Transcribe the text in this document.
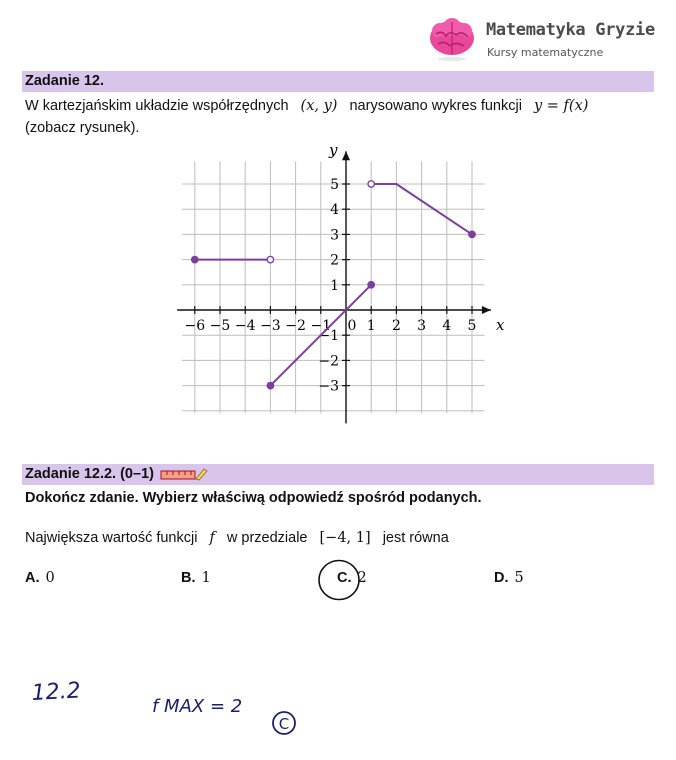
Matematyka Gryzie
Kursy matematyczne
Zadanie 12.
W kartezjańskim układzie współrzędnych (x, y) narysowano wykres funkcji y = f(x)
(zobacz rysunek).
x
y
−6 −5 −4 −3 −2 −1 0 1 2 3 4 5
5
4
3
2
1
−1
−2
−3
Zadanie 12.2. (0–1)
Dokończ zdanie. Wybierz właściwą odpowiedź spośród podanych.
Największa wartość funkcji f w przedziale [−4, 1] jest równa
A. 0	B. 1	C. 2	D. 5
12.2
f MAX = 2
C
